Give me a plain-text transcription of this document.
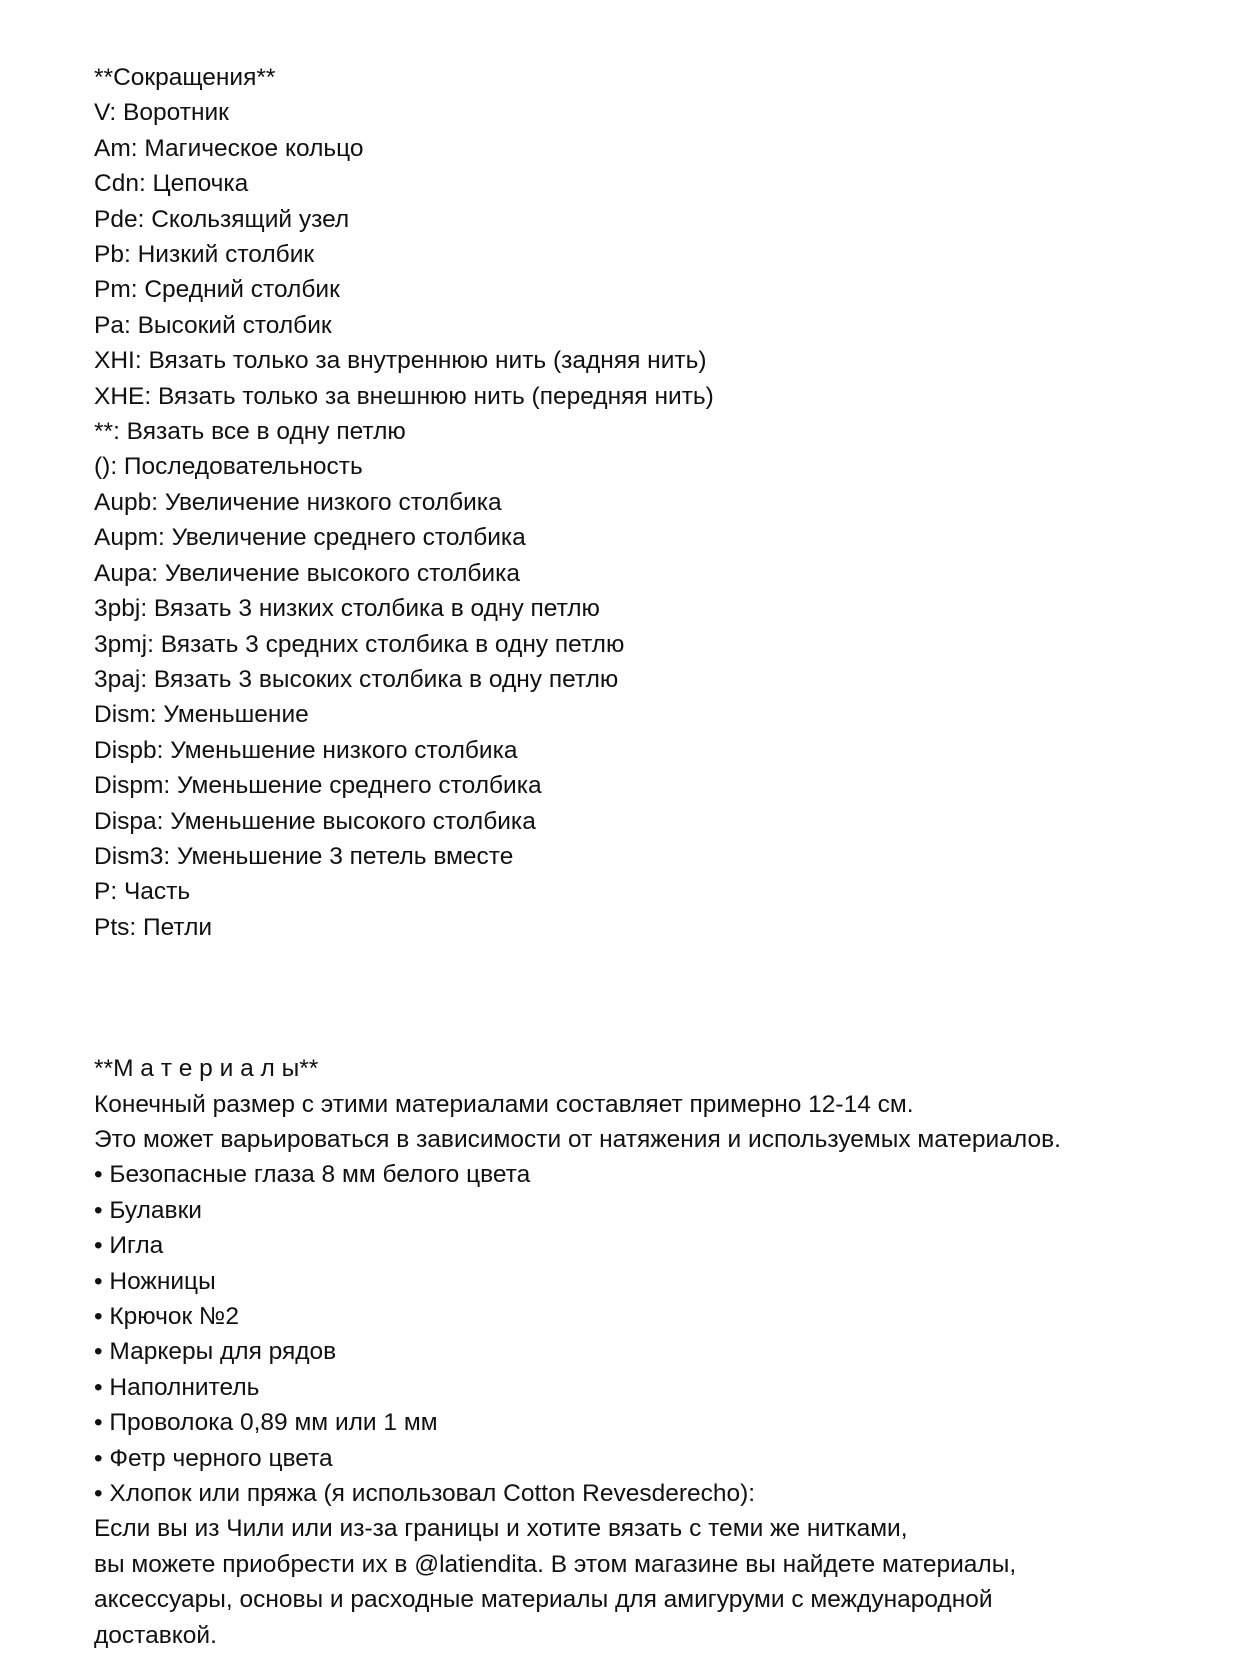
**Сокращения**

V: Воротник

Am: Магическое кольцо

Cdn: Цепочка

Pde: Скользящий узел

Pb: Низкий столбик

Pm: Средний столбик

Pa: Высокий столбик

XHI: Вязать только за внутреннюю нить (задняя нить)

XHE: Вязать только за внешнюю нить (передняя нить)

**: Вязать все в одну петлю

(): Последовательность

Aupb: Увеличение низкого столбика

Aupm: Увеличение среднего столбика

Aupa: Увеличение высокого столбика

3pbj: Вязать 3 низких столбика в одну петлю

3pmj: Вязать 3 средних столбика в одну петлю

3paj: Вязать 3 высоких столбика в одну петлю

Dism: Уменьшение

Dispb: Уменьшение низкого столбика

Dispm: Уменьшение среднего столбика

Dispa: Уменьшение высокого столбика

Dism3: Уменьшение 3 петель вместе

P: Часть

Pts: Петли

**М а т е р и а л ы**

Конечный размер с этими материалами составляет примерно 12-14 см.

Это может варьироваться в зависимости от натяжения и используемых материалов.

• Безопасные глаза 8 мм белого цвета

• Булавки

• Игла

• Ножницы

• Крючок №2

• Маркеры для рядов

• Наполнитель

• Проволока 0,89 мм или 1 мм

• Фетр черного цвета

• Хлопок или пряжа (я использовал Cotton Revesderecho):

Если вы из Чили или из-за границы и хотите вязать с теми же нитками,

вы можете приобрести их в @latiendita. В этом магазине вы найдете материалы,

аксессуары, основы и расходные материалы для амигуруми с международной

доставкой.
